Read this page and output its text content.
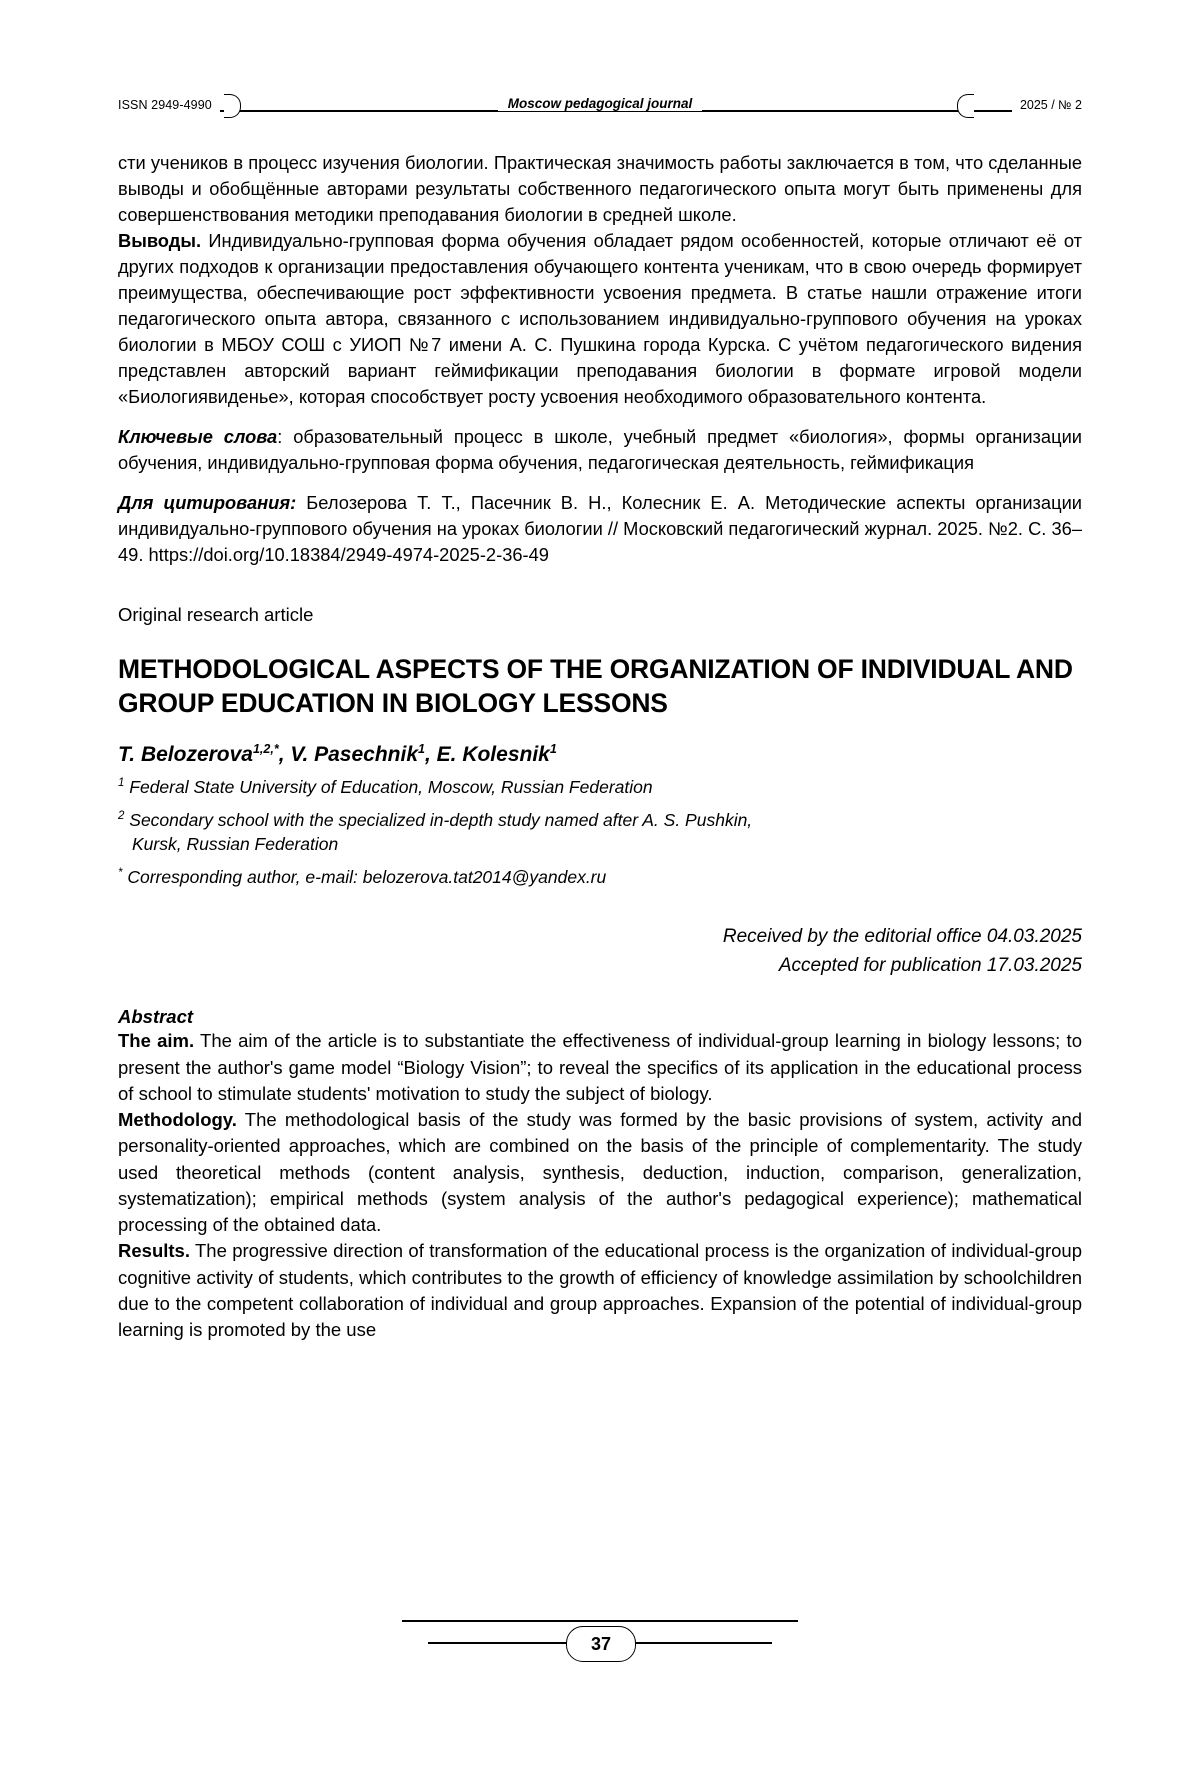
ISSN 2949-4990	Moscow pedagogical journal	2025 / № 2

сти учеников в процесс изучения биологии. Практическая значимость работы заключается в том, что сделанные выводы и обобщённые авторами результаты собственного педагогического опыта могут быть применены для совершенствования методики преподавания биологии в средней школе.

Выводы. Индивидуально-групповая форма обучения обладает рядом особенностей, которые отличают её от других подходов к организации предоставления обучающего контента ученикам, что в свою очередь формирует преимущества, обеспечивающие рост эффективности усвоения предмета. В статье нашли отражение итоги педагогического опыта автора, связанного с использованием индивидуально-группового обучения на уроках биологии в МБОУ СОШ с УИОП №7 имени А. С. Пушкина города Курска. С учётом педагогического видения представлен авторский вариант геймификации преподавания биологии в формате игровой модели «Биологиявиденье», которая способствует росту усвоения необходимого образовательного контента.

Ключевые слова: образовательный процесс в школе, учебный предмет «биология», формы организации обучения, индивидуально-групповая форма обучения, педагогическая деятельность, геймификация

Для цитирования: Белозерова Т. Т., Пасечник В. Н., Колесник Е. А. Методические аспекты организации индивидуально-группового обучения на уроках биологии // Московский педагогический журнал. 2025. №2. С. 36–49. https://doi.org/10.18384/2949-4974-2025-2-36-49

Original research article
METHODOLOGICAL ASPECTS OF THE ORGANIZATION OF INDIVIDUAL AND GROUP EDUCATION IN BIOLOGY LESSONS
T. Belozerova$^{1,2,*}$, V. Pasechnik$^1$, E. Kolesnik$^1$
$^1$ Federal State University of Education, Moscow, Russian Federation
$^2$ Secondary school with the specialized in-depth study named after A. S. Pushkin,
Kursk, Russian Federation
* Corresponding author, e-mail: belozerova.tat2014@yandex.ru
Received by the editorial office 04.03.2025
Accepted for publication 17.03.2025
Abstract

The aim. The aim of the article is to substantiate the effectiveness of individual-group learning in biology lessons; to present the author's game model “Biology Vision”; to reveal the specifics of its application in the educational process of school to stimulate students' motivation to study the subject of biology.

Methodology. The methodological basis of the study was formed by the basic provisions of system, activity and personality-oriented approaches, which are combined on the basis of the principle of complementarity. The study used theoretical methods (content analysis, synthesis, deduction, induction, comparison, generalization, systematization); empirical methods (system analysis of the author's pedagogical experience); mathematical processing of the obtained data.

Results. The progressive direction of transformation of the educational process is the organization of individual-group cognitive activity of students, which contributes to the growth of efficiency of knowledge assimilation by schoolchildren due to the competent collaboration of individual and group approaches. Expansion of the potential of individual-group learning is promoted by the use

37
